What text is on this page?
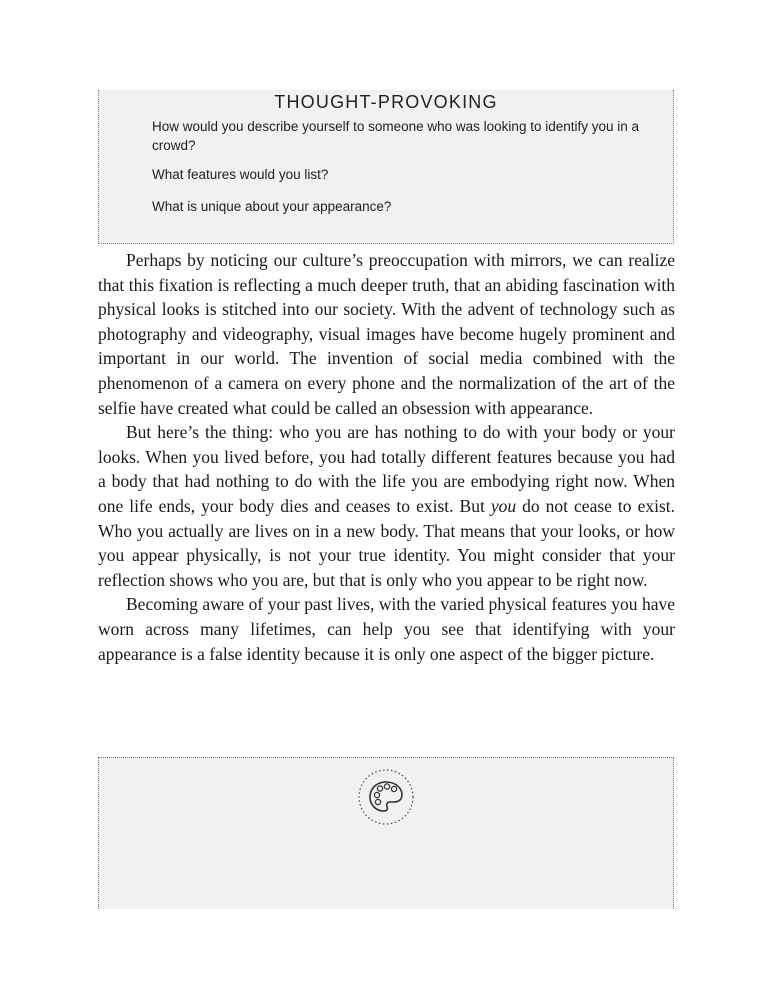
THOUGHT-PROVOKING
How would you describe yourself to someone who was looking to identify you in a crowd?
What features would you list?
What is unique about your appearance?

Perhaps by noticing our culture’s preoccupation with mirrors, we can realize that this fixation is reflecting a much deeper truth, that an abiding fascination with physical looks is stitched into our society. With the advent of technology such as photography and videography, visual images have become hugely prominent and important in our world. The invention of social media combined with the phenomenon of a camera on every phone and the normalization of the art of the selfie have created what could be called an obsession with appearance.

But here’s the thing: who you are has nothing to do with your body or your looks. When you lived before, you had totally different features because you had a body that had nothing to do with the life you are embodying right now. When one life ends, your body dies and ceases to exist. But you do not cease to exist. Who you actually are lives on in a new body. That means that your looks, or how you appear physically, is not your true identity. You might consider that your reflection shows who you are, but that is only who you appear to be right now.

Becoming aware of your past lives, with the varied physical features you have worn across many lifetimes, can help you see that identifying with your appearance is a false identity because it is only one aspect of the bigger picture.
